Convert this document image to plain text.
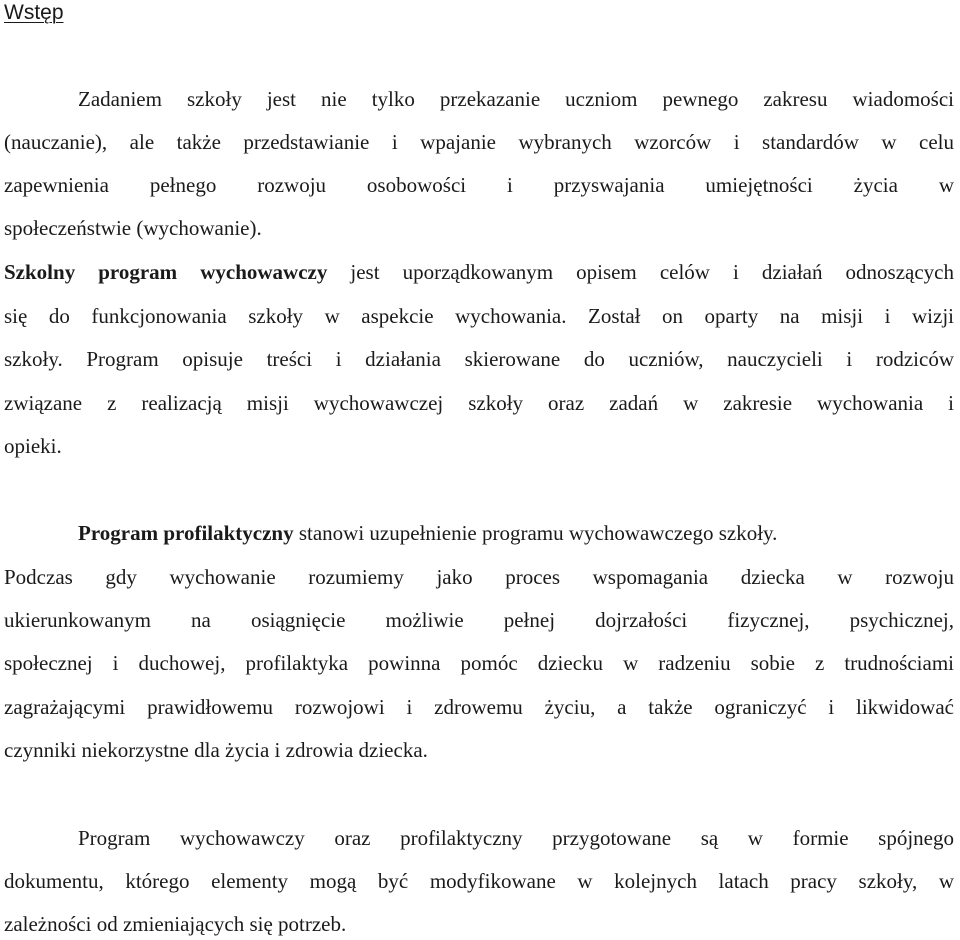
Wstęp

Zadaniem szkoły jest nie tylko przekazanie uczniom pewnego zakresu wiadomości

(nauczanie), ale także przedstawianie i wpajanie wybranych wzorców i standardów w celu

zapewnienia pełnego rozwoju osobowości i przyswajania umiejętności życia w

społeczeństwie (wychowanie).

Szkolny program wychowawczy jest uporządkowanym opisem celów i działań odnoszących

się do funkcjonowania szkoły w aspekcie wychowania. Został on oparty na misji i wizji

szkoły. Program opisuje treści i działania skierowane do uczniów, nauczycieli i rodziców

związane z realizacją misji wychowawczej szkoły oraz zadań w zakresie wychowania i

opieki.

Program profilaktyczny stanowi uzupełnienie programu wychowawczego szkoły.

Podczas gdy wychowanie rozumiemy jako proces wspomagania dziecka w rozwoju

ukierunkowanym na osiągnięcie możliwie pełnej dojrzałości fizycznej, psychicznej,

społecznej i duchowej, profilaktyka powinna pomóc dziecku w radzeniu sobie z trudnościami

zagrażającymi prawidłowemu rozwojowi i zdrowemu życiu, a także ograniczyć i likwidować

czynniki niekorzystne dla życia i zdrowia dziecka.

Program wychowawczy oraz profilaktyczny przygotowane są w formie spójnego

dokumentu, którego elementy mogą być modyfikowane w kolejnych latach pracy szkoły, w

zależności od zmieniających się potrzeb.
